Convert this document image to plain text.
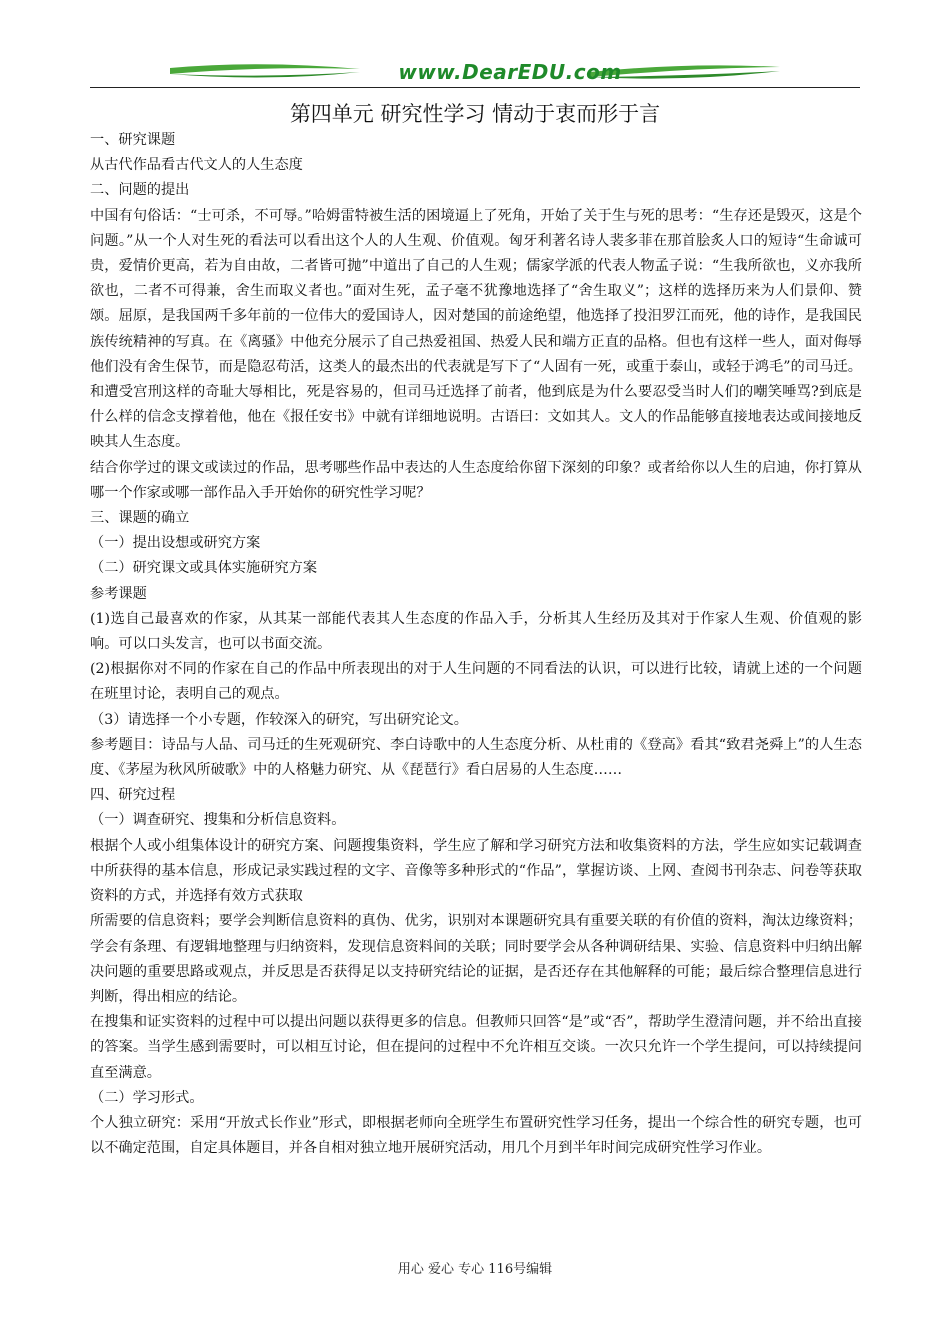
www.DearEDU.com
第四单元 研究性学习 情动于衷而形于言

一、研究课题

从古代作品看古代文人的人生态度

二、问题的提出

中国有句俗话：“士可杀，不可辱。”哈姆雷特被生活的困境逼上了死角，开始了关于生与死的思考：“生存还是毁灭，这是个问题。”从一个人对生死的看法可以看出这个人的人生观、价值观。匈牙利著名诗人裴多菲在那首脍炙人口的短诗“生命诚可贵，爱情价更高，若为自由故，二者皆可抛”中道出了自己的人生观；儒家学派的代表人物孟子说：“生我所欲也，义亦我所欲也，二者不可得兼，舍生而取义者也。”面对生死，孟子毫不犹豫地选择了“舍生取义”；这样的选择历来为人们景仰、赞颂。屈原，是我国两千多年前的一位伟大的爱国诗人，因对楚国的前途绝望，他选择了投汨罗江而死，他的诗作，是我国民族传统精神的写真。在《离骚》中他充分展示了自己热爱祖国、热爱人民和端方正直的品格。但也有这样一些人，面对侮辱他们没有舍生保节，而是隐忍苟活，这类人的最杰出的代表就是写下了“人固有一死，或重于泰山，或轻于鸿毛”的司马迁。和遭受宫刑这样的奇耻大辱相比，死是容易的，但司马迁选择了前者，他到底是为什么要忍受当时人们的嘲笑唾骂?到底是什么样的信念支撑着他，他在《报任安书》中就有详细地说明。古语曰：文如其人。文人的作品能够直接地表达或间接地反映其人生态度。

结合你学过的课文或读过的作品，思考哪些作品中表达的人生态度给你留下深刻的印象？或者给你以人生的启迪，你打算从哪一个作家或哪一部作品入手开始你的研究性学习呢？

三、课题的确立

（一）提出设想或研究方案

（二）研究课文或具体实施研究方案

参考课题

(1)选自己最喜欢的作家，从其某一部能代表其人生态度的作品入手，分析其人生经历及其对于作家人生观、价值观的影响。可以口头发言，也可以书面交流。

(2)根据你对不同的作家在自己的作品中所表现出的对于人生问题的不同看法的认识，可以进行比较，请就上述的一个问题在班里讨论，表明自己的观点。

（3）请选择一个小专题，作较深入的研究，写出研究论文。

参考题目：诗品与人品、司马迁的生死观研究、李白诗歌中的人生态度分析、从杜甫的《登高》看其“致君尧舜上”的人生态度、《茅屋为秋风所破歌》中的人格魅力研究、从《琵琶行》看白居易的人生态度……

四、研究过程

（一）调查研究、搜集和分析信息资料。

根据个人或小组集体设计的研究方案、问题搜集资料，学生应了解和学习研究方法和收集资料的方法，学生应如实记载调查中所获得的基本信息，形成记录实践过程的文字、音像等多种形式的“作品”，掌握访谈、上网、查阅书刊杂志、问卷等获取资料的方式，并选择有效方式获取

所需要的信息资料；要学会判断信息资料的真伪、优劣，识别对本课题研究具有重要关联的有价值的资料，淘汰边缘资料；学会有条理、有逻辑地整理与归纳资料，发现信息资料间的关联；同时要学会从各种调研结果、实验、信息资料中归纳出解决问题的重要思路或观点，并反思是否获得足以支持研究结论的证据，是否还存在其他解释的可能；最后综合整理信息进行判断，得出相应的结论。

在搜集和证实资料的过程中可以提出问题以获得更多的信息。但教师只回答“是”或“否”，帮助学生澄清问题，并不给出直接的答案。当学生感到需要时，可以相互讨论，但在提问的过程中不允许相互交谈。一次只允许一个学生提问，可以持续提问直至满意。

（二）学习形式。

个人独立研究：采用“开放式长作业”形式，即根据老师向全班学生布置研究性学习任务，提出一个综合性的研究专题，也可以不确定范围，自定具体题目，并各自相对独立地开展研究活动，用几个月到半年时间完成研究性学习作业。

用心 爱心 专心 116号编辑
